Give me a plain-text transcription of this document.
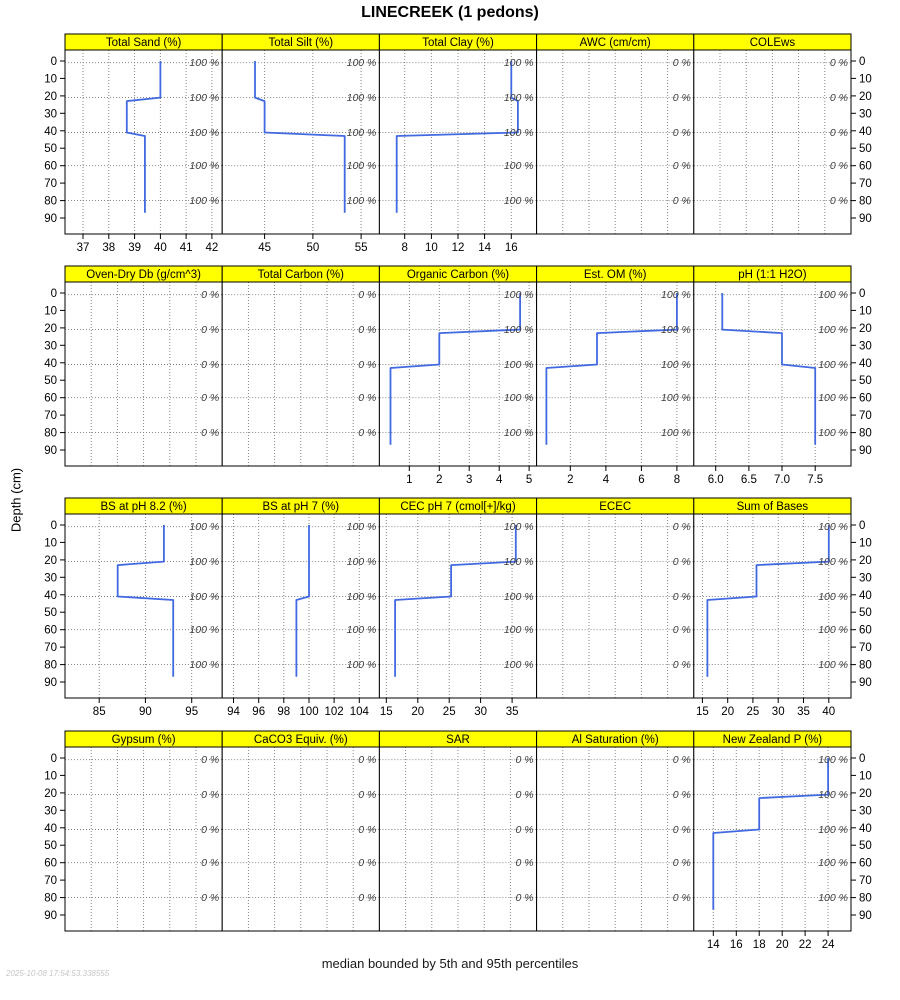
100 %
100 %
100 %
100 %
100 %
Total Sand (%)
37 38 39 40 41 42
0
10
20
30
40
50
60
70
80
90
100 %
100 %
100 %
100 %
100 %
Total Silt (%)
45	50	55
100 %
100 %
100 %
100 %
100 %
Total Clay (%)
8 10 12 14 16
0 %
0 %
0 %
0 %
0 %
AWC (cm/cm)
0 %
0 %
0 %
0 %
0 %
COLEws
0
10
20
30
40
50
60
70
80
90
0 %
0 %
0 %
0 %
0 %
Oven-Dry Db (g/cm^3)
0
10
20
30
40
50
60
70
80
90
0 %
0 %
0 %
0 %
0 %
Total Carbon (%)
100 %
100 %
100 %
100 %
100 %
Organic Carbon (%)
1 2 3 4 5
100 %
100 %
100 %
100 %
100 %
Est. OM (%)
2	4	6	8
100 %
100 %
100 %
100 %
100 %
pH (1:1 H2O)
6.0 6.5 7.0 7.5
0
10
20
30
40
50
60
70
80
90
100 %
100 %
100 %
100 %
100 %
BS at pH 8.2 (%)
85	90	95
0
10
20
30
40
50
60
70
80
90
100 %
100 %
100 %
100 %
100 %
BS at pH 7 (%)
94 96 98 100 102 104
100 %
100 %
100 %
100 %
100 %
CEC pH 7 (cmol[+]/kg)
15 20 25 30 35
0 %
0 %
0 %
0 %
0 %
ECEC
100 %
100 %
100 %
100 %
100 %
Sum of Bases
15 20 25 30 35 40
0
10
20
30
40
50
60
70
80
90
0 %
0 %
0 %
0 %
0 %
Gypsum (%)
0
10
20
30
40
50
60
70
80
90
0 %
0 %
0 %
0 %
0 %
CaCO3 Equiv. (%)
0 %
0 %
0 %
0 %
0 %
SAR
0 %
0 %
0 %
0 %
0 %
Al Saturation (%)
100 %
100 %
100 %
100 %
100 %
New Zealand P (%)
14 16 18 20 22 24
0
10
20
30
40
50
60
70
80
90
LINECREEK (1 pedons)
Depth (cm)
median bounded by 5th and 95th percentiles
2025-10-08 17:54:53.338555
